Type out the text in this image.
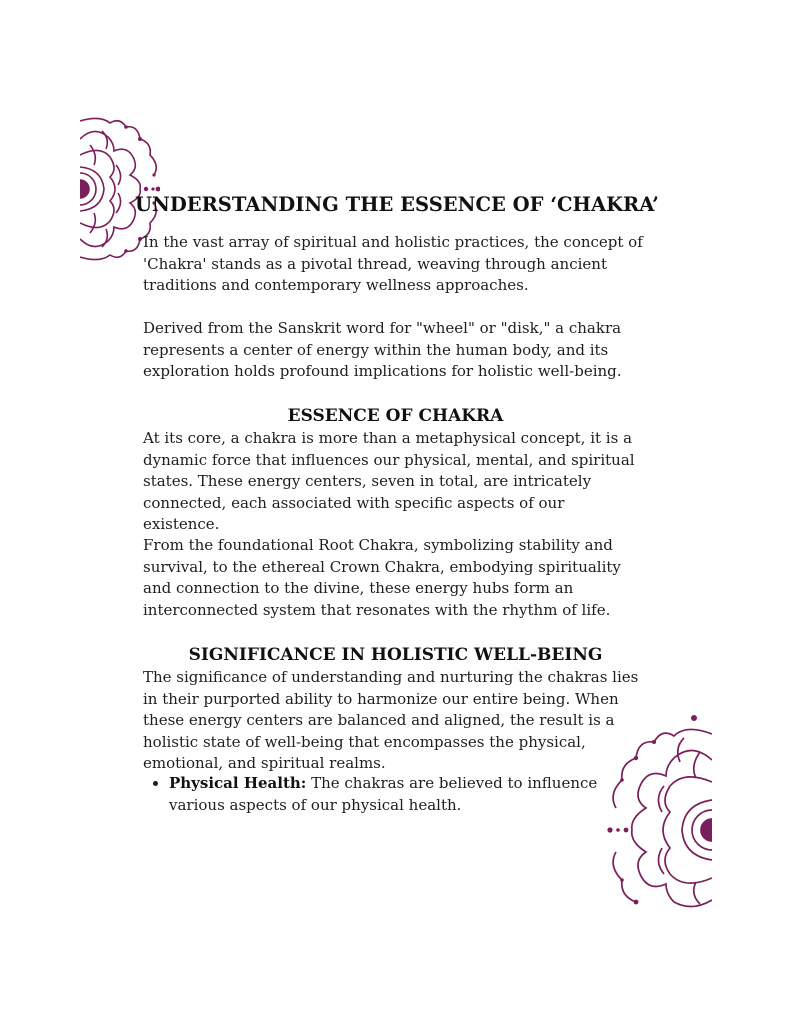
UNDERSTANDING THE ESSENCE OF ‘CHAKRA’

In the vast array of spiritual and holistic practices, the concept of 'Chakra' stands as a pivotal thread, weaving through ancient traditions and contemporary wellness approaches.

Derived from the Sanskrit word for "wheel" or "disk," a chakra represents a center of energy within the human body, and its exploration holds profound implications for holistic well-being.

ESSENCE OF CHAKRA

At its core, a chakra is more than a metaphysical concept, it is a dynamic force that influences our physical, mental, and spiritual states. These energy centers, seven in total, are intricately connected, each associated with specific aspects of our existence.

From the foundational Root Chakra, symbolizing stability and survival, to the ethereal Crown Chakra, embodying spirituality and connection to the divine, these energy hubs form an interconnected system that resonates with the rhythm of life.

SIGNIFICANCE IN HOLISTIC WELL-BEING

The significance of understanding and nurturing the chakras lies in their purported ability to harmonize our entire being. When these energy centers are balanced and aligned, the result is a holistic state of well-being that encompasses the physical, emotional, and spiritual realms.

• Physical Health: The chakras are believed to influence various aspects of our physical health.
